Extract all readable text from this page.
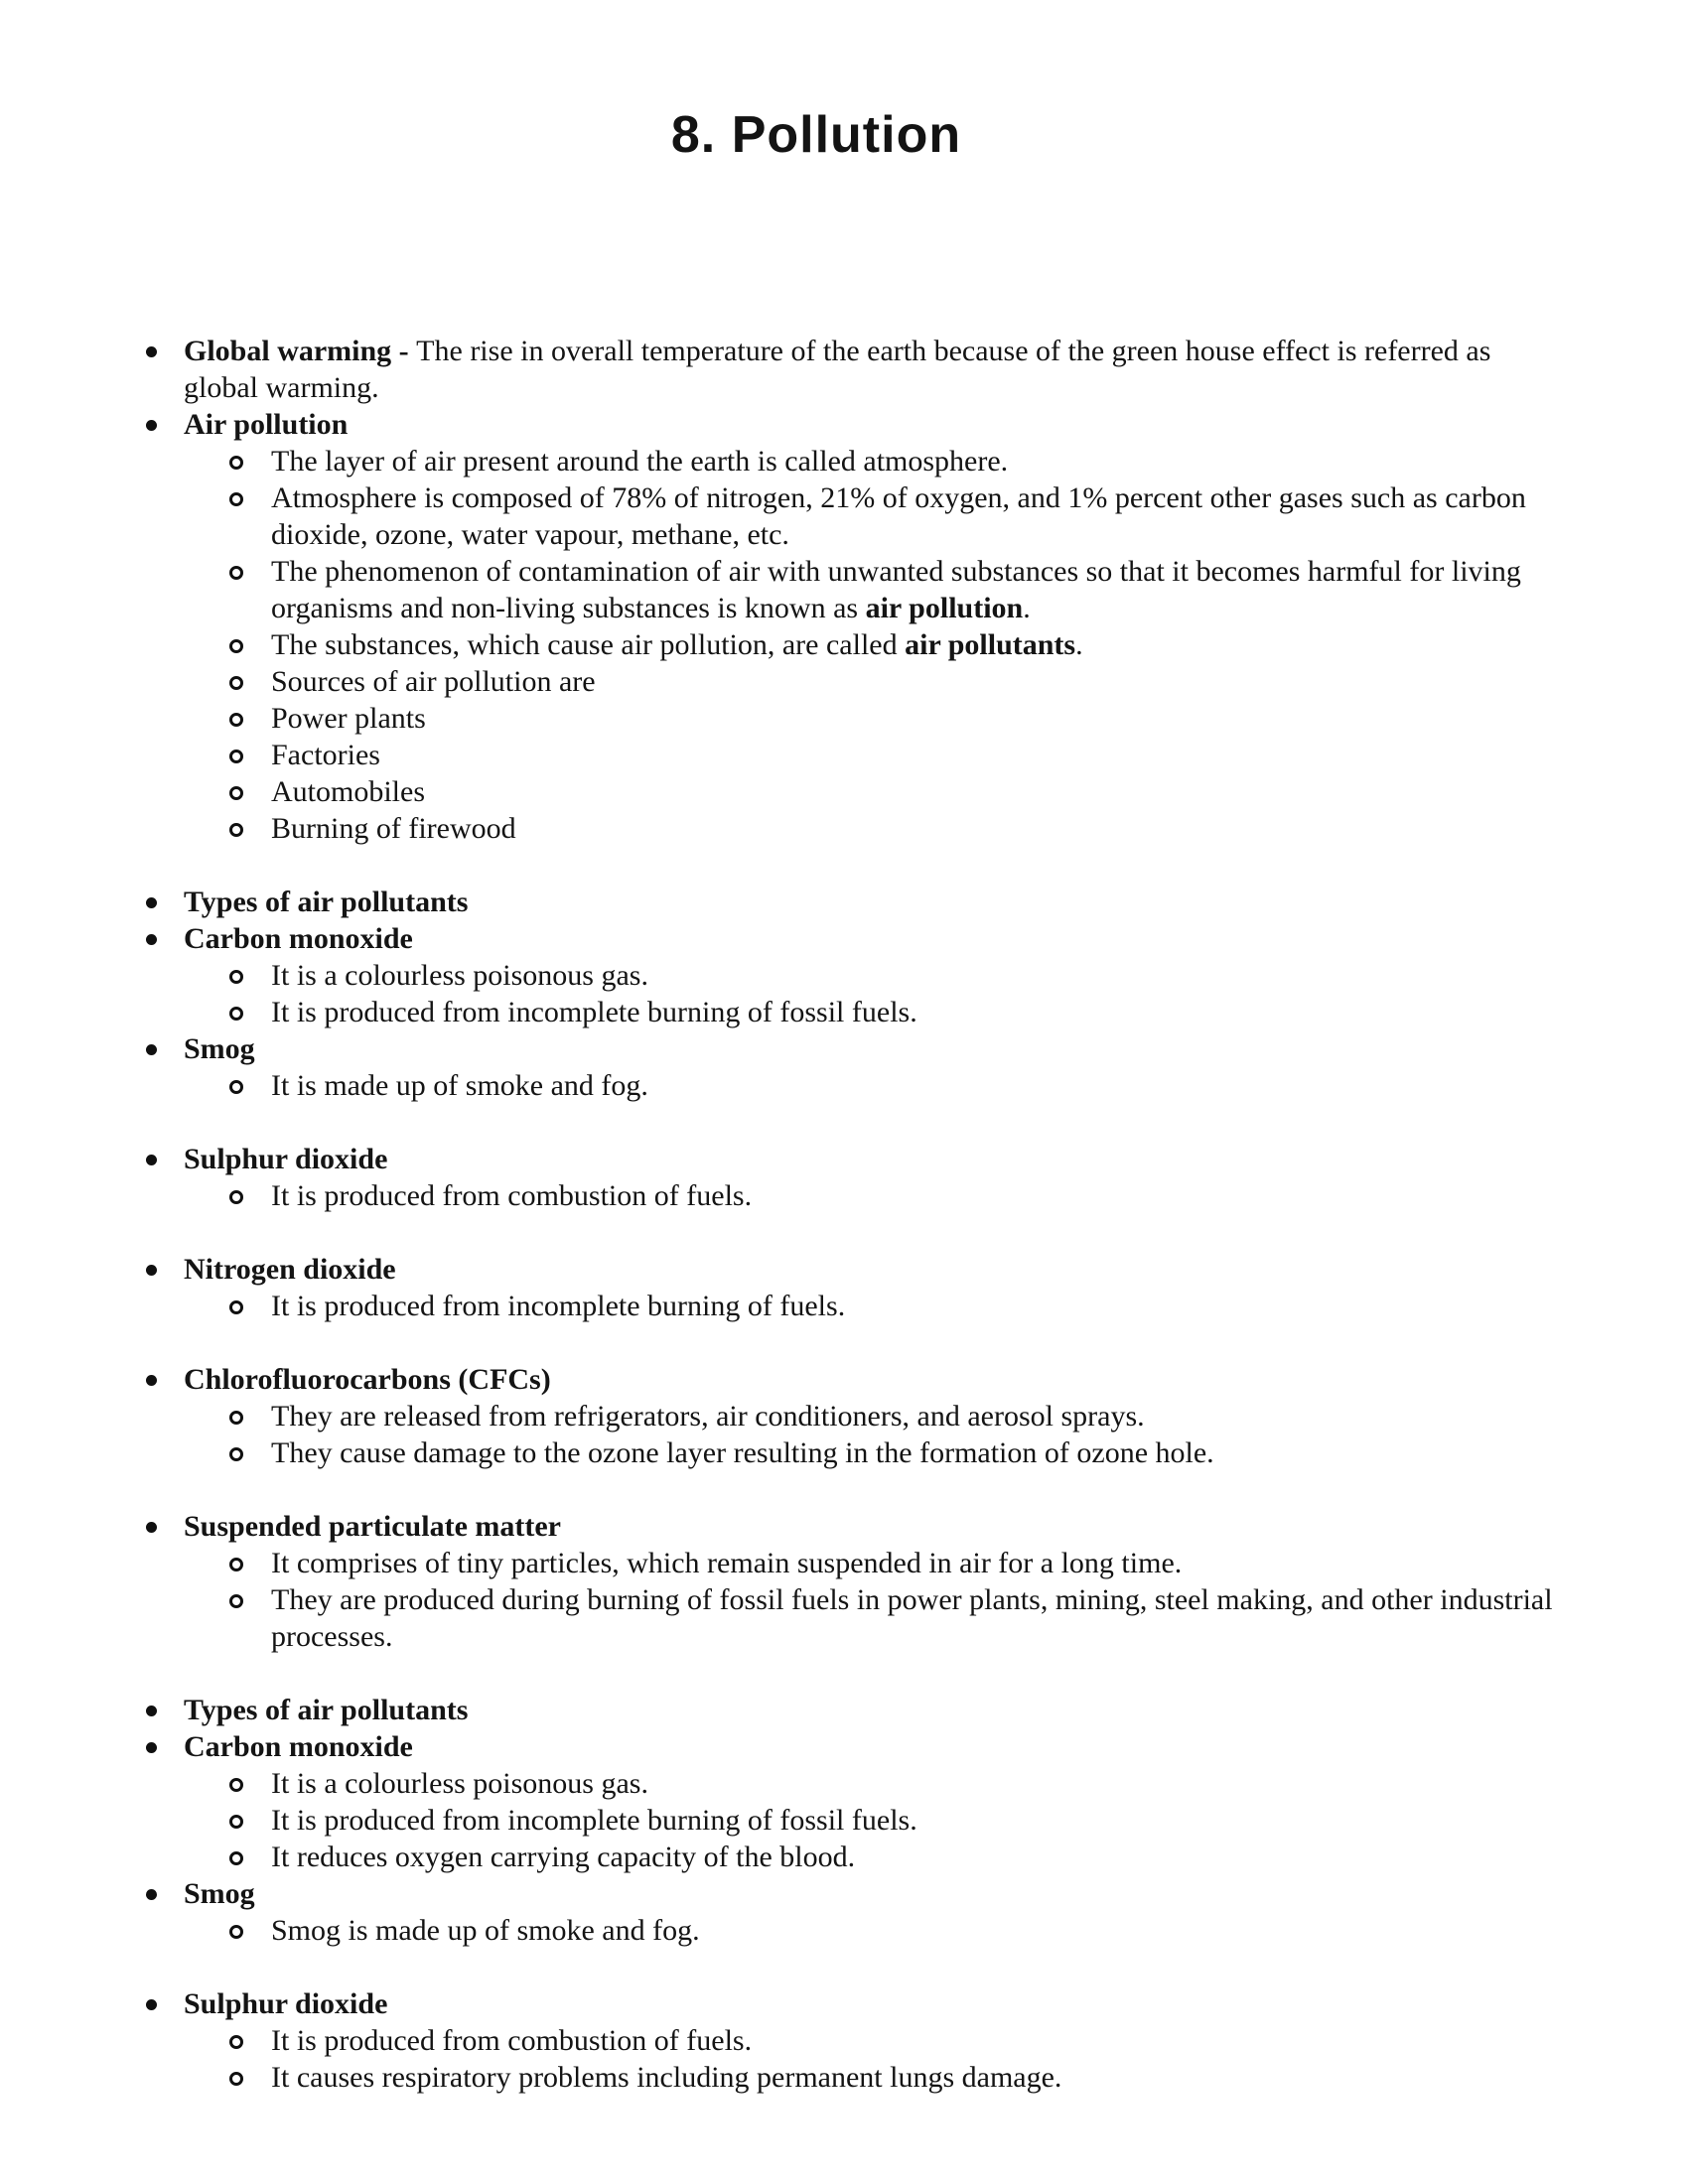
8. Pollution
Global warming - The rise in overall temperature of the earth because of the green house effect is referred as global warming.
Air pollution
The layer of air present around the earth is called atmosphere.
Atmosphere is composed of 78% of nitrogen, 21% of oxygen, and 1% percent other gases such as carbon dioxide, ozone, water vapour, methane, etc.
The phenomenon of contamination of air with unwanted substances so that it becomes harmful for living organisms and non-living substances is known as air pollution.
The substances, which cause air pollution, are called air pollutants.
Sources of air pollution are
Power plants
Factories
Automobiles
Burning of firewood
Types of air pollutants
Carbon monoxide
It is a colourless poisonous gas.
It is produced from incomplete burning of fossil fuels.
Smog
It is made up of smoke and fog.
Sulphur dioxide
It is produced from combustion of fuels.
Nitrogen dioxide
It is produced from incomplete burning of fuels.
Chlorofluorocarbons (CFCs)
They are released from refrigerators, air conditioners, and aerosol sprays.
They cause damage to the ozone layer resulting in the formation of ozone hole.
Suspended particulate matter
It comprises of tiny particles, which remain suspended in air for a long time.
They are produced during burning of fossil fuels in power plants, mining, steel making, and other industrial processes.
Types of air pollutants
Carbon monoxide
It is a colourless poisonous gas.
It is produced from incomplete burning of fossil fuels.
It reduces oxygen carrying capacity of the blood.
Smog
Smog is made up of smoke and fog.
Sulphur dioxide
It is produced from combustion of fuels.
It causes respiratory problems including permanent lungs damage.
